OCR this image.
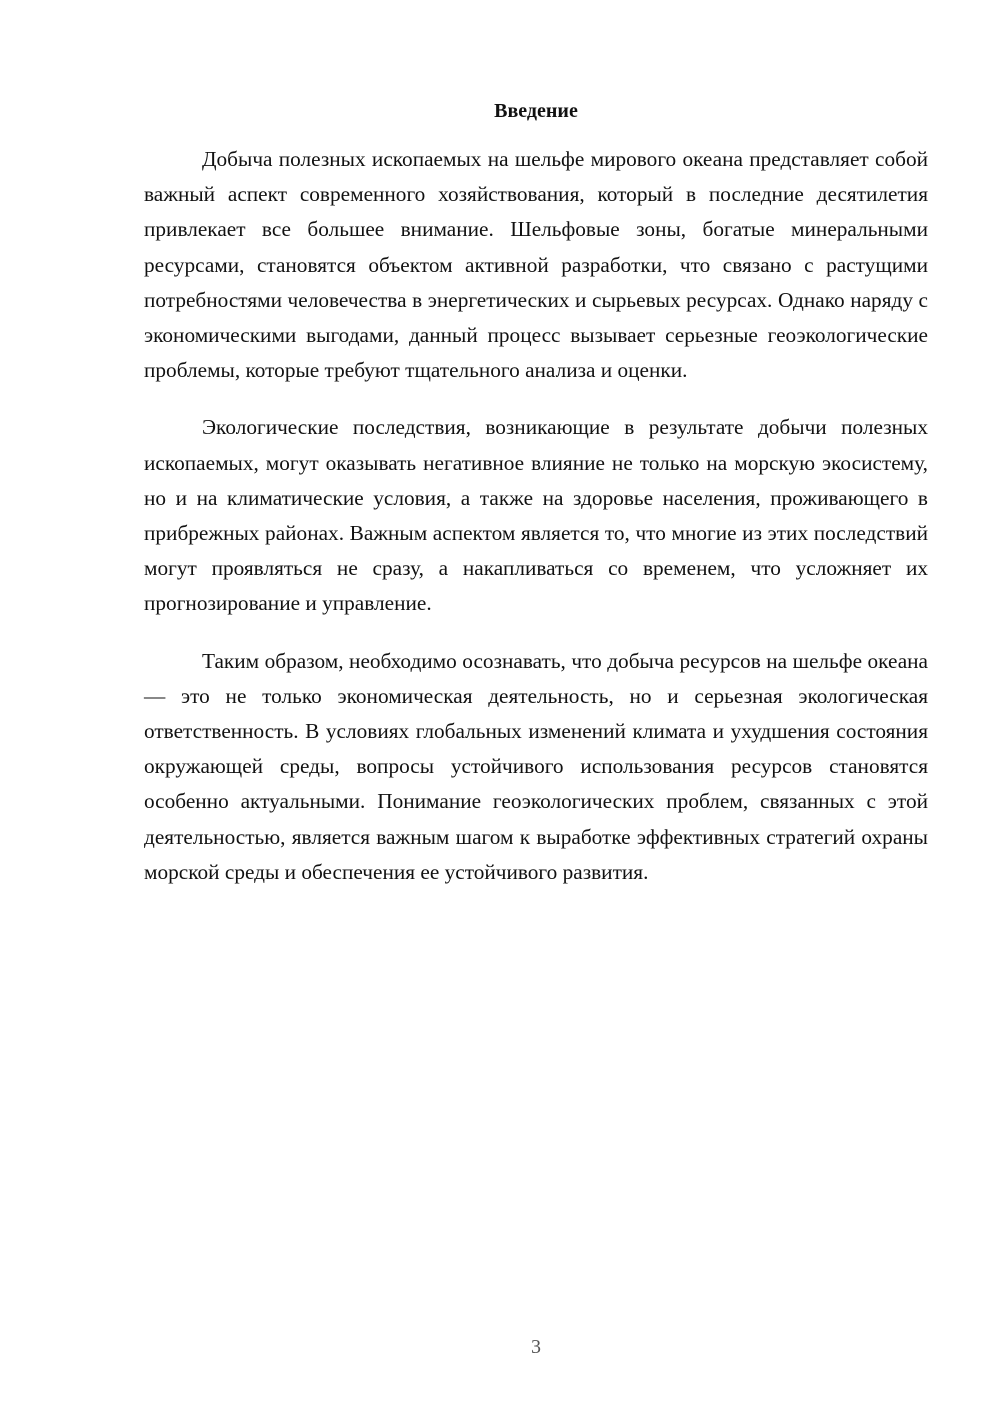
Введение

Добыча полезных ископаемых на шельфе мирового океана представляет собой важный аспект современного хозяйствования, который в последние десятилетия привлекает все большее внимание. Шельфовые зоны, богатые минеральными ресурсами, становятся объектом активной разработки, что связано с растущими потребностями человечества в энергетических и сырьевых ресурсах. Однако наряду с экономическими выгодами, данный процесс вызывает серьезные геоэкологические проблемы, которые требуют тщательного анализа и оценки.

Экологические последствия, возникающие в результате добычи полезных ископаемых, могут оказывать негативное влияние не только на морскую экосистему, но и на климатические условия, а также на здоровье населения, проживающего в прибрежных районах. Важным аспектом является то, что многие из этих последствий могут проявляться не сразу, а накапливаться со временем, что усложняет их прогнозирование и управление.

Таким образом, необходимо осознавать, что добыча ресурсов на шельфе океана — это не только экономическая деятельность, но и серьезная экологическая ответственность. В условиях глобальных изменений климата и ухудшения состояния окружающей среды, вопросы устойчивого использования ресурсов становятся особенно актуальными. Понимание геоэкологических проблем, связанных с этой деятельностью, является важным шагом к выработке эффективных стратегий охраны морской среды и обеспечения ее устойчивого развития.

3
